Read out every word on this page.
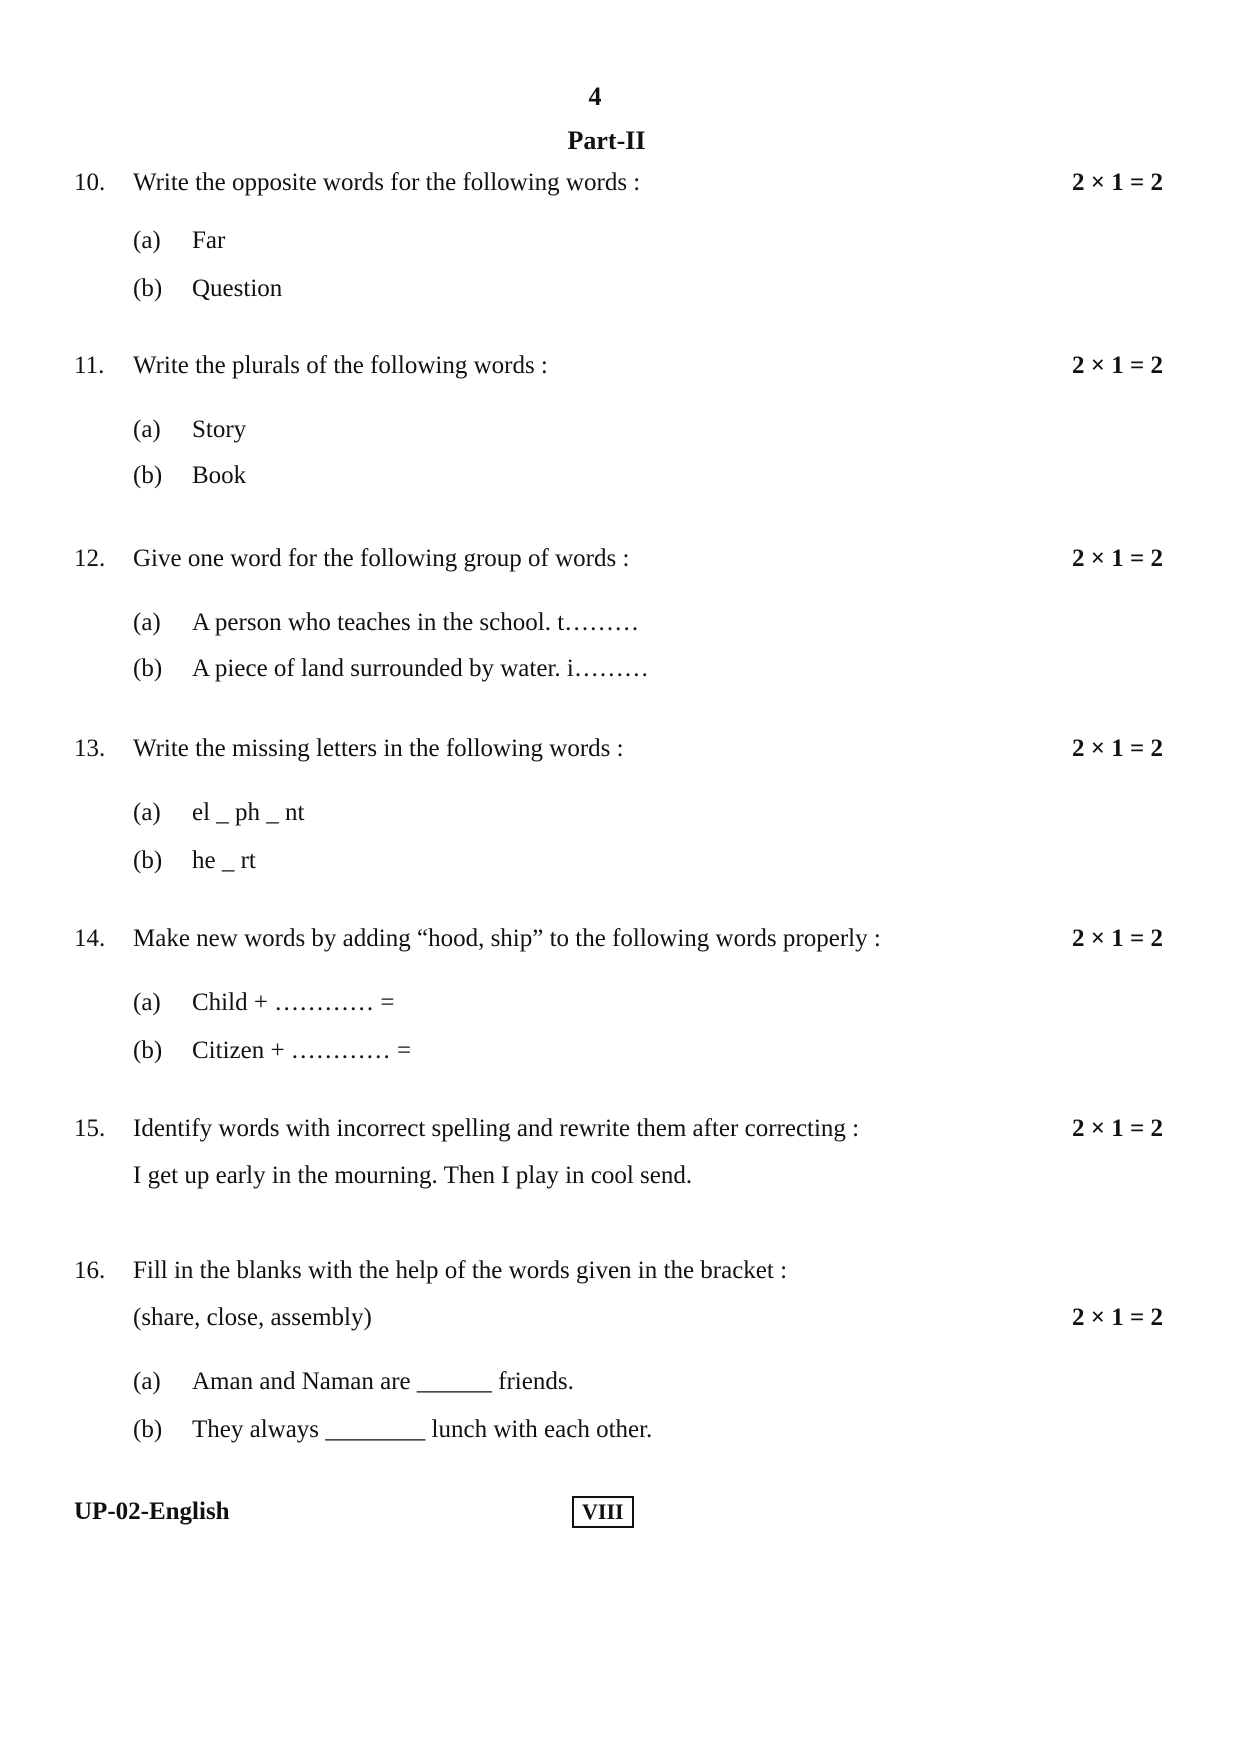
4
Part-II
10. Write the opposite words for the following words :	2 × 1 = 2
(a) Far
(b) Question
11. Write the plurals of the following words :	2 × 1 = 2
(a) Story
(b) Book
12. Give one word for the following group of words :	2 × 1 = 2
(a) A person who teaches in the school. t………
(b) A piece of land surrounded by water. i………
13. Write the missing letters in the following words :	2 × 1 = 2
(a) el _ ph _ nt
(b) he _ rt
14. Make new words by adding “hood, ship” to the following words properly :	2 × 1 = 2
(a) Child + ………… =
(b) Citizen + ………… =
15. Identify words with incorrect spelling and rewrite them after correcting :	2 × 1 = 2
I get up early in the mourning. Then I play in cool send.
16. Fill in the blanks with the help of the words given in the bracket :
(share, close, assembly)	2 × 1 = 2
(a) Aman and Naman are ______ friends.
(b) They always ________ lunch with each other.
UP-02-English	VIII
